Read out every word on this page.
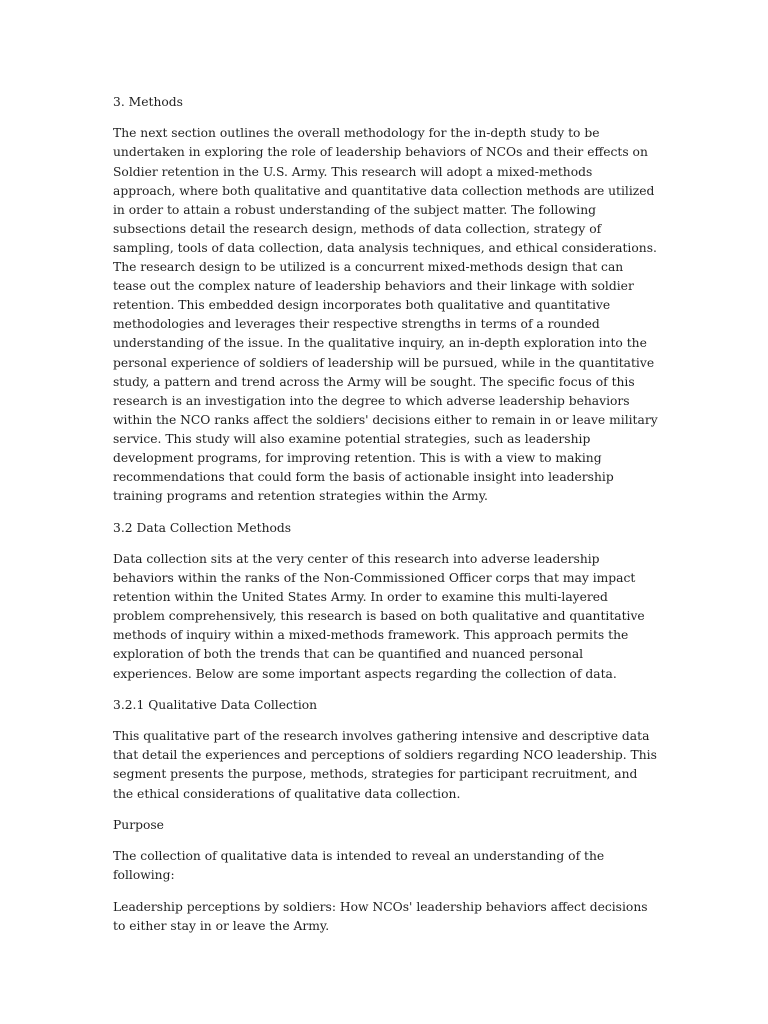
3. Methods

The next section outlines the overall methodology for the in-depth study to be undertaken in exploring the role of leadership behaviors of NCOs and their effects on Soldier retention in the U.S. Army. This research will adopt a mixed-methods approach, where both qualitative and quantitative data collection methods are utilized in order to attain a robust understanding of the subject matter. The following subsections detail the research design, methods of data collection, strategy of sampling, tools of data collection, data analysis techniques, and ethical considerations. The research design to be utilized is a concurrent mixed-methods design that can tease out the complex nature of leadership behaviors and their linkage with soldier retention. This embedded design incorporates both qualitative and quantitative methodologies and leverages their respective strengths in terms of a rounded understanding of the issue. In the qualitative inquiry, an in-depth exploration into the personal experience of soldiers of leadership will be pursued, while in the quantitative study, a pattern and trend across the Army will be sought. The specific focus of this research is an investigation into the degree to which adverse leadership behaviors within the NCO ranks affect the soldiers' decisions either to remain in or leave military service. This study will also examine potential strategies, such as leadership development programs, for improving retention. This is with a view to making recommendations that could form the basis of actionable insight into leadership training programs and retention strategies within the Army.

3.2 Data Collection Methods

Data collection sits at the very center of this research into adverse leadership behaviors within the ranks of the Non-Commissioned Officer corps that may impact retention within the United States Army. In order to examine this multi-layered problem comprehensively, this research is based on both qualitative and quantitative methods of inquiry within a mixed-methods framework. This approach permits the exploration of both the trends that can be quantified and nuanced personal experiences. Below are some important aspects regarding the collection of data.

3.2.1 Qualitative Data Collection

This qualitative part of the research involves gathering intensive and descriptive data that detail the experiences and perceptions of soldiers regarding NCO leadership. This segment presents the purpose, methods, strategies for participant recruitment, and the ethical considerations of qualitative data collection.

Purpose

The collection of qualitative data is intended to reveal an understanding of the following:

Leadership perceptions by soldiers: How NCOs' leadership behaviors affect decisions to either stay in or leave the Army.
